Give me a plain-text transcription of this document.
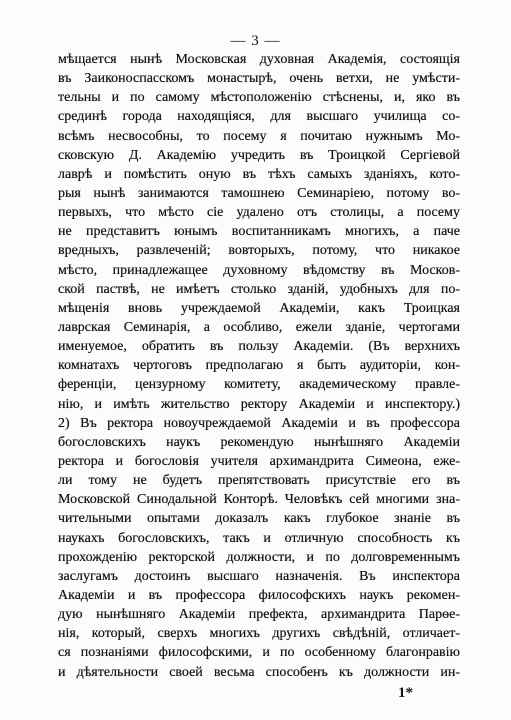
— 3 —
мѣщается нынѣ Московская духовная Академія, состоящія
въ Заиконоспасскомъ монастырѣ, очень ветхи, не умѣсти-
тельны и по самому мѣстоположенію стѣснены, и, яко въ
срединѣ города находящіяся, для высшаго училища со-
всѣмъ несвособны, то посему я почитаю нужнымъ Мо-
сковскую Д. Академію учредить въ Троицкой Сергіевой
лаврѣ и помѣстить оную въ тѣхъ самыхъ зданіяхъ, кото-
рыя нынѣ занимаются тамошнею Семинаріею, потому во-
первыхъ, что мѣсто сіе удалено отъ столицы, а посему
не представитъ юнымъ воспитанникамъ многихъ, а паче
вредныхъ, развлеченій; вовторыхъ, потому, что никакое
мѣсто, принадлежащее духовному вѣдомству въ Москов-
ской паствѣ, не имѣетъ столько зданій, удобныхъ для по-
мѣщенія вновь учреждаемой Академіи, какъ Троицкая
лаврская Семинарія, а особливо, ежели зданіе, чертогами
именуемое, обратить въ пользу Академіи. (Въ верхнихъ
комнатахъ чертоговъ предполагаю я быть аудиторіи, кон-
ференціи, цензурному комитету, академическому правле-
нію, и имѣть жительство ректору Академіи и инспектору.)
2) Въ ректора новоучреждаемой Академіи и въ профессора
богословскихъ наукъ рекомендую нынѣшняго Академіи
ректора и богословія учителя архимандрита Симеона, еже-
ли тому не будетъ препятствовать присутствіе его въ
Московской Синодальной Конторѣ. Человѣкъ сей многими зна-
чительными опытами доказалъ какъ глубокое знаніе въ
наукахъ богословскихъ, такъ и отличную способность къ
прохожденію ректорской должности, и по долговременнымъ
заслугамъ достоинъ высшаго назначенія. Въ инспектора
Академіи и въ профессора философскихъ наукъ рекомен-
дую нынѣшняго Академіи префекта, архимандрита Парѳе-
нія, который, сверхъ многихъ другихъ свѣдѣній, отличает-
ся познаніями философскими, и по особенному благонравію
и дѣятельности своей весьма способенъ къ должности ин-
1*
